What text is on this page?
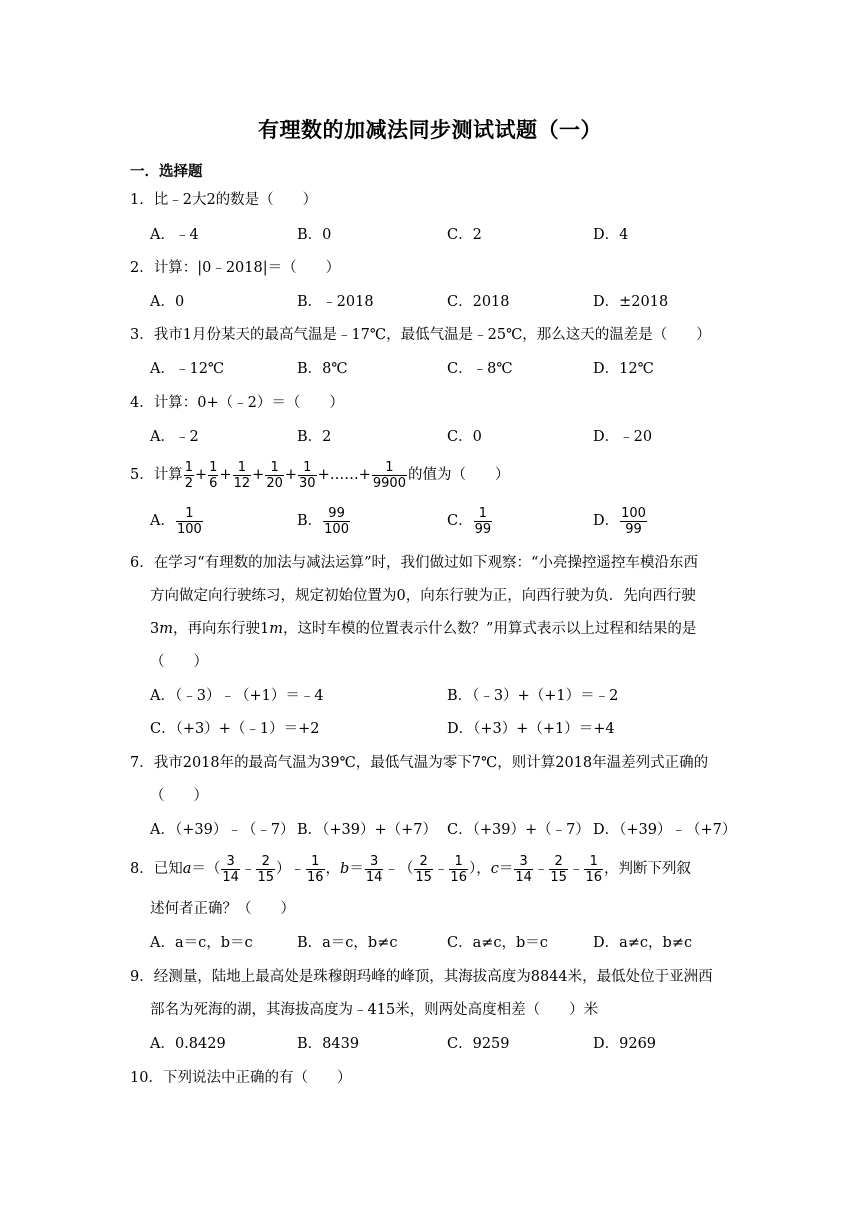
有理数的加减法同步测试试题（一）
一．选择题
1．比﹣2大2的数是（　　）
A．﹣4	B．0	C．2	D．4
2．计算：|0﹣2018|＝（　　）
A．0	B．﹣2018	C．2018	D．±2018
3．我市1月份某天的最高气温是﹣17℃，最低气温是﹣25℃，那么这天的温差是（　　）
A．﹣12℃	B．8℃	C．﹣8℃	D．12℃
4．计算：0+（﹣2）＝（　　）
A．﹣2	B．2	C．0	D．﹣20
5．计算 $\frac{1}{2} + \frac{1}{6} + \frac{1}{12} + \frac{1}{20} + \frac{1}{30}$ +……+ $\frac{1}{9900}$ 的值为（　　）
A． $\frac{1}{100}$	B． $\frac{99}{100}$	C． $\frac{1}{99}$	D． $\frac{100}{99}$
6．在学习“有理数的加法与减法运算”时，我们做过如下观察：“小亮操控遥控车模沿东西
方向做定向行驶练习，规定初始位置为0，向东行驶为正，向西行驶为负．先向西行驶
3m，再向东行驶1m，这时车模的位置表示什么数？”用算式表示以上过程和结果的是
（　　）
A．（﹣3）﹣（+1）＝﹣4	B．（﹣3）+（+1）＝﹣2
C．（+3）+（﹣1）＝+2	D．（+3）+（+1）＝+4
7．我市2018年的最高气温为39℃，最低气温为零下7℃，则计算2018年温差列式正确的
（　　）
A．（+39）﹣（﹣7） B．（+39）+（+7） C．（+39）+（﹣7） D．（+39）﹣（+7）
8．已知$a=( \frac{3}{14}$ ﹣ $\frac{2}{15}$ ）﹣ $\frac{1}{16}$ ，$b= \frac{3}{14}$ ﹣（ $\frac{2}{15}$ ﹣ $\frac{1}{16}$ ），$c= \frac{3}{14}$ ﹣ $\frac{2}{15}$ ﹣ $\frac{1}{16}$ ，判断下列叙
述何者正确？（　　）
A．a＝c，b＝c	B．a＝c，b≠c	C．a≠c，b＝c	D．a≠c，b≠c
9．经测量，陆地上最高处是珠穆朗玛峰的峰顶，其海拔高度为8844米，最低处位于亚洲西
部名为死海的湖，其海拔高度为﹣415米，则两处高度相差（　　）米
A．0.8429	B．8439	C．9259	D．9269
10．下列说法中正确的有（　　）
